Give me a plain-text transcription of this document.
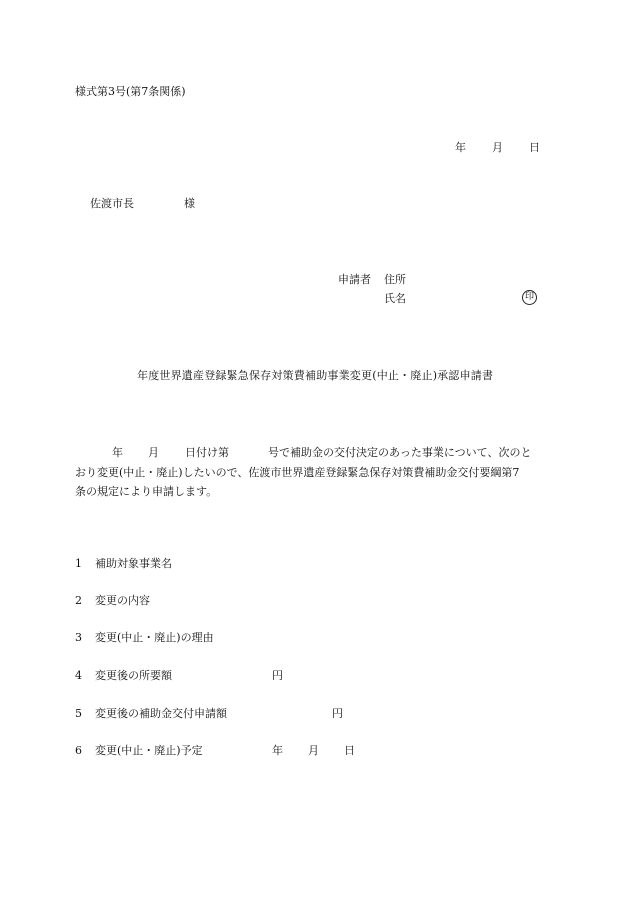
様式第3号(第7条関係)
年 月 日
佐渡市長	様
申請者 住所
氏名	印
年度世界遺産登録緊急保存対策費補助事業変更(中止・廃止)承認申請書
年 月 日付け第	号で補助金の交付決定のあった事業について、次のと
おり変更(中止・廃止)したいので、佐渡市世界遺産登録緊急保存対策費補助金交付要綱第7
条の規定により申請します。
1 補助対象事業名
2 変更の内容
3 変更(中止・廃止)の理由
4 変更後の所要額	円
5 変更後の補助金交付申請額	円
6 変更(中止・廃止)予定	年 月 日
